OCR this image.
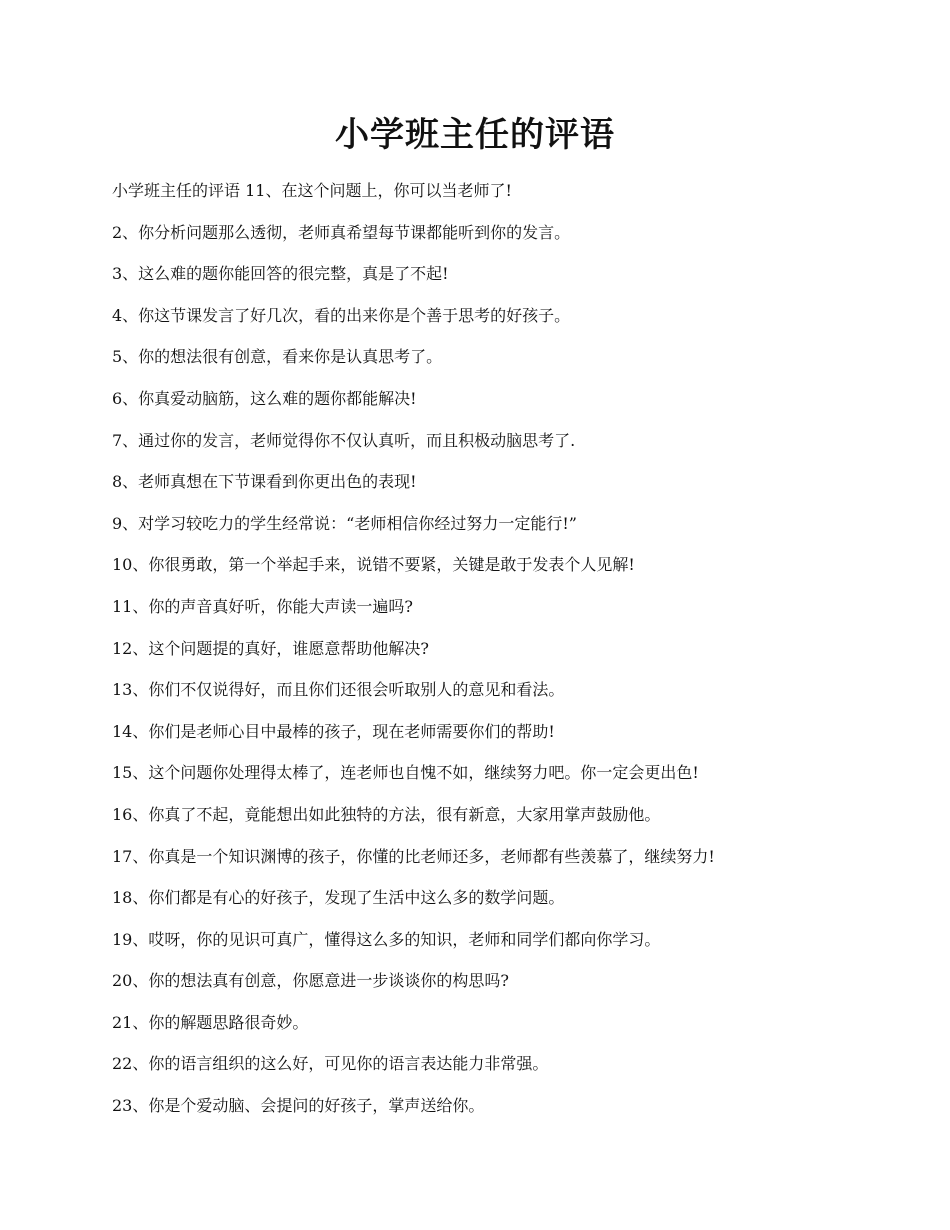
小学班主任的评语
小学班主任的评语 11、在这个问题上，你可以当老师了!
2、你分析问题那么透彻，老师真希望每节课都能听到你的发言。
3、这么难的题你能回答的很完整，真是了不起!
4、你这节课发言了好几次，看的出来你是个善于思考的好孩子。
5、你的想法很有创意，看来你是认真思考了。
6、你真爱动脑筋，这么难的题你都能解决!
7、通过你的发言，老师觉得你不仅认真听，而且积极动脑思考了.
8、老师真想在下节课看到你更出色的表现!
9、对学习较吃力的学生经常说：“老师相信你经过努力一定能行!”
10、你很勇敢，第一个举起手来，说错不要紧，关键是敢于发表个人见解!
11、你的声音真好听，你能大声读一遍吗?
12、这个问题提的真好，谁愿意帮助他解决?
13、你们不仅说得好，而且你们还很会听取别人的意见和看法。
14、你们是老师心目中最棒的孩子，现在老师需要你们的帮助!
15、这个问题你处理得太棒了，连老师也自愧不如，继续努力吧。你一定会更出色!
16、你真了不起，竟能想出如此独特的方法，很有新意，大家用掌声鼓励他。
17、你真是一个知识渊博的孩子，你懂的比老师还多，老师都有些羡慕了，继续努力!
18、你们都是有心的好孩子，发现了生活中这么多的数学问题。
19、哎呀，你的见识可真广，懂得这么多的知识，老师和同学们都向你学习。
20、你的想法真有创意，你愿意进一步谈谈你的构思吗?
21、你的解题思路很奇妙。
22、你的语言组织的这么好，可见你的语言表达能力非常强。
23、你是个爱动脑、会提问的好孩子，掌声送给你。
